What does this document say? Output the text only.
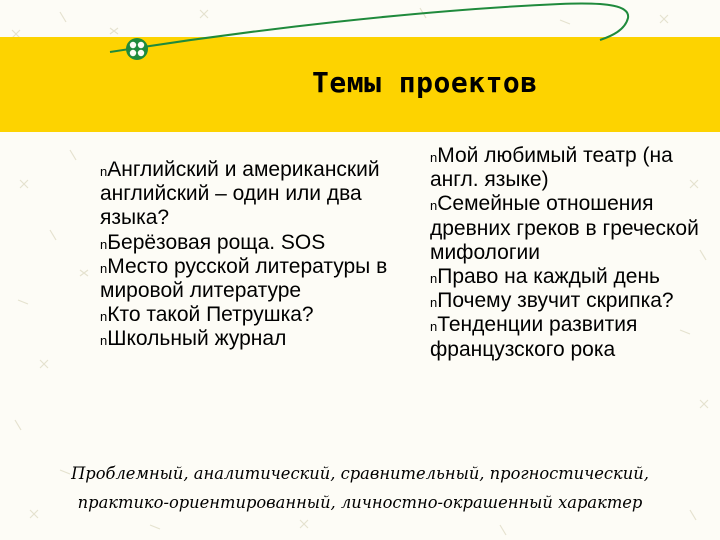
Темы проектов

nАнглийский и американский английский – один или два языка?

nБерёзовая роща. SOS

nМесто русской литературы в мировой литературе

nКто такой Петрушка?

nШкольный журнал

nМой любимый театр (на англ. языке)

nСемейные отношения древних греков в греческой мифологии

nПраво на каждый день

nПочему звучит скрипка?

nТенденции развития французского рока

Проблемный, аналитический, сравнительный, прогностический,

практико-ориентированный, личностно-окрашенный характер
